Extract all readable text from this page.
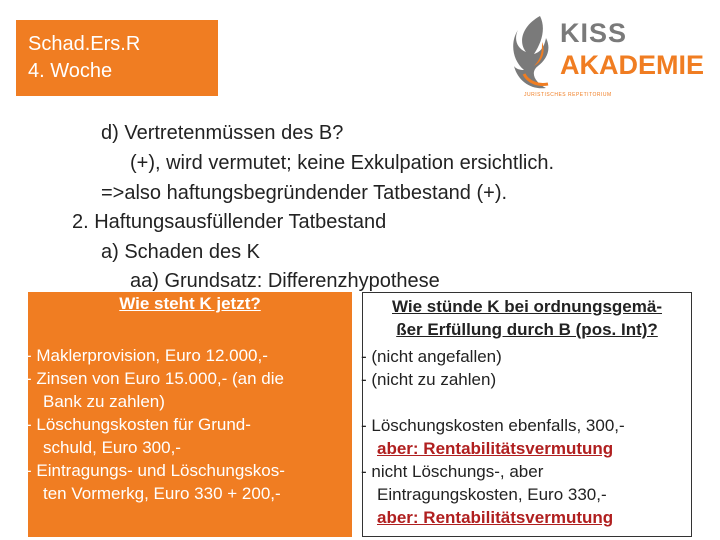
Schad.Ers.R
4. Woche
KISS
AKADEMIE
JURISTISCHES REPETITORIUM
d) Vertretenmüssen des B?
(+), wird vermutet; keine Exkulpation ersichtlich.
=>also haftungsbegründender Tatbestand (+).
2. Haftungsausfüllender Tatbestand
a) Schaden des K
aa) Grundsatz: Differenzhypothese
Wie steht K jetzt?
- Maklerprovision, Euro 12.000,-
- Zinsen von Euro 15.000,- (an die
Bank zu zahlen)
- Löschungskosten für Grund-
schuld, Euro 300,-
- Eintragungs- und Löschungskos-
ten Vormerkg, Euro 330 + 200,-
Wie stünde K bei ordnungsgemä-
ßer Erfüllung durch B (pos. Int)?
- (nicht angefallen)
- (nicht zu zahlen)
- Löschungskosten ebenfalls, 300,-
aber: Rentabilitätsvermutung
- nicht Löschungs-, aber
Eintragungskosten, Euro 330,-
aber: Rentabilitätsvermutung
